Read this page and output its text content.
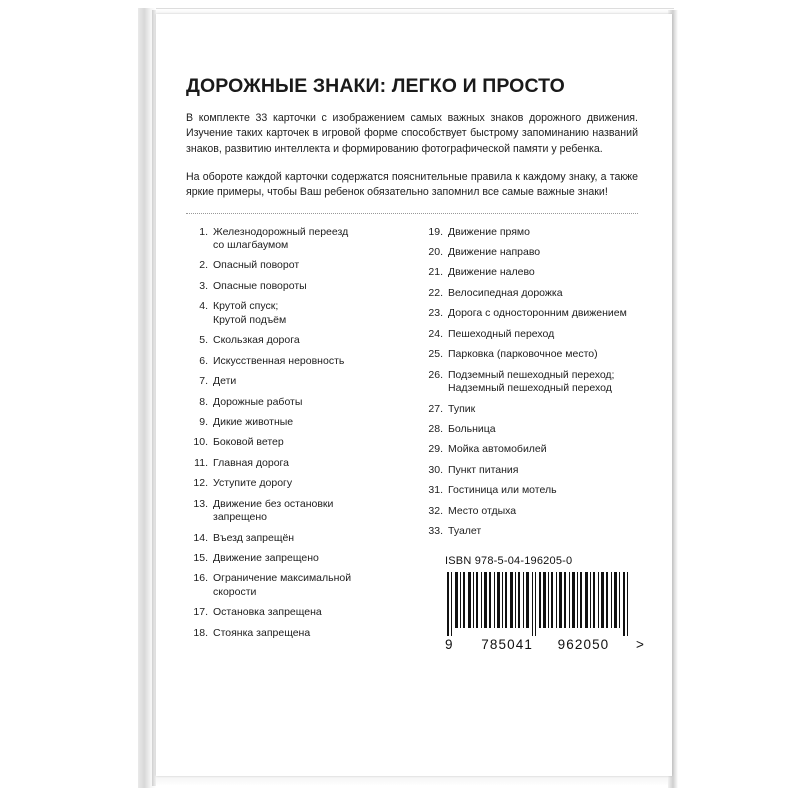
ДОРОЖНЫЕ ЗНАКИ: ЛЕГКО И ПРОСТО

В комплекте 33 карточки с изображением самых важных знаков дорожного движения. Изучение таких карточек в игровой форме способствует быстрому запоминанию названий знаков, развитию интеллекта и формированию фотографической памяти у ребенка.

На обороте каждой карточки содержатся пояснительные правила к каждому знаку, а также яркие примеры, чтобы Ваш ребенок обязательно запомнил все самые важные знаки!

1. Железнодорожный переезд
со шлагбаумом
2. Опасный поворот
3. Опасные повороты
4. Крутой спуск;
Крутой подъём
5. Скользкая дорога
6. Искусственная неровность
7. Дети
8. Дорожные работы
9. Дикие животные
10. Боковой ветер
11. Главная дорога
12. Уступите дорогу
13. Движение без остановки
запрещено
14. Въезд запрещён
15. Движение запрещено
16. Ограничение максимальной
скорости
17. Остановка запрещена
18. Стоянка запрещена
19. Движение прямо
20. Движение направо
21. Движение налево
22. Велосипедная дорожка
23. Дорога с односторонним движением
24. Пешеходный переход
25. Парковка (парковочное место)
26. Подземный пешеходный переход;
Надземный пешеходный переход
27. Тупик
28. Больница
29. Мойка автомобилей
30. Пункт питания
31. Гостиница или мотель
32. Место отдыха
33. Туалет
ISBN 978-5-04-196205-0
9 785041 962050 >
